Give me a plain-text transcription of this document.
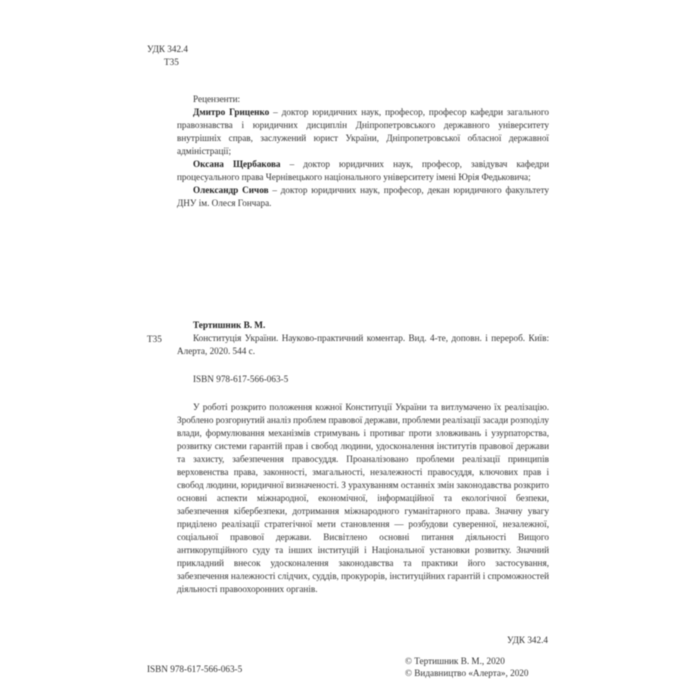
УДК 342.4
Т35

Рецензенти:

Дмитро Гриценко – доктор юридичних наук, професор, професор кафедри загального правознавства і юридичних дисциплін Дніпропетровського державного університету внутрішніх справ, заслужений юрист України, Дніпропетровської обласної державної адміністрації;

Оксана Щербакова – доктор юридичних наук, професор, завідувач кафедри процесуального права Чернівецького національного університету імені Юрія Федьковича;

Олександр Сичов – доктор юридичних наук, професор, декан юридичного факультету ДНУ ім. Олеся Гончара.

Т35

Тертишник В. М.

Конституція України. Науково-практичний коментар. Вид. 4-те, доповн. і перероб. Київ: Алерта, 2020. 544 с.

ISBN 978-617-566-063-5

У роботі розкрито положення кожної Конституції України та витлумачено їх реалізацію. Зроблено розгорнутий аналіз проблем правової держави, проблеми реалізації засади розподілу влади, формулювання механізмів стримувань і противаг проти зловживань і узурпаторства, розвитку системи гарантій прав і свобод людини, удосконалення інститутів правової держави та захисту, забезпечення правосуддя. Проаналізовано проблеми реалізації принципів верховенства права, законності, змагальності, незалежності правосуддя, ключових прав і свобод людини, юридичної визначеності. З урахуванням останніх змін законодавства розкрито основні аспекти міжнародної, економічної, інформаційної та екологічної безпеки, забезпечення кібербезпеки, дотримання міжнародного гуманітарного права. Значну увагу приділено реалізації стратегічної мети становлення — розбудови суверенної, незалежної, соціальної правової держави. Висвітлено основні питання діяльності Вищого антикорупційного суду та інших інституцій і Національної установки розвитку. Значний прикладний внесок удосконалення законодавства та практики його застосування, забезпечення належності слідчих, суддів, прокурорів, інституційних гарантій і спроможностей діяльності правоохоронних органів.

УДК 342.4
ISBN 978-617-566-063-5
© Тертишник В. М., 2020
© Видавництво «Алерта», 2020
